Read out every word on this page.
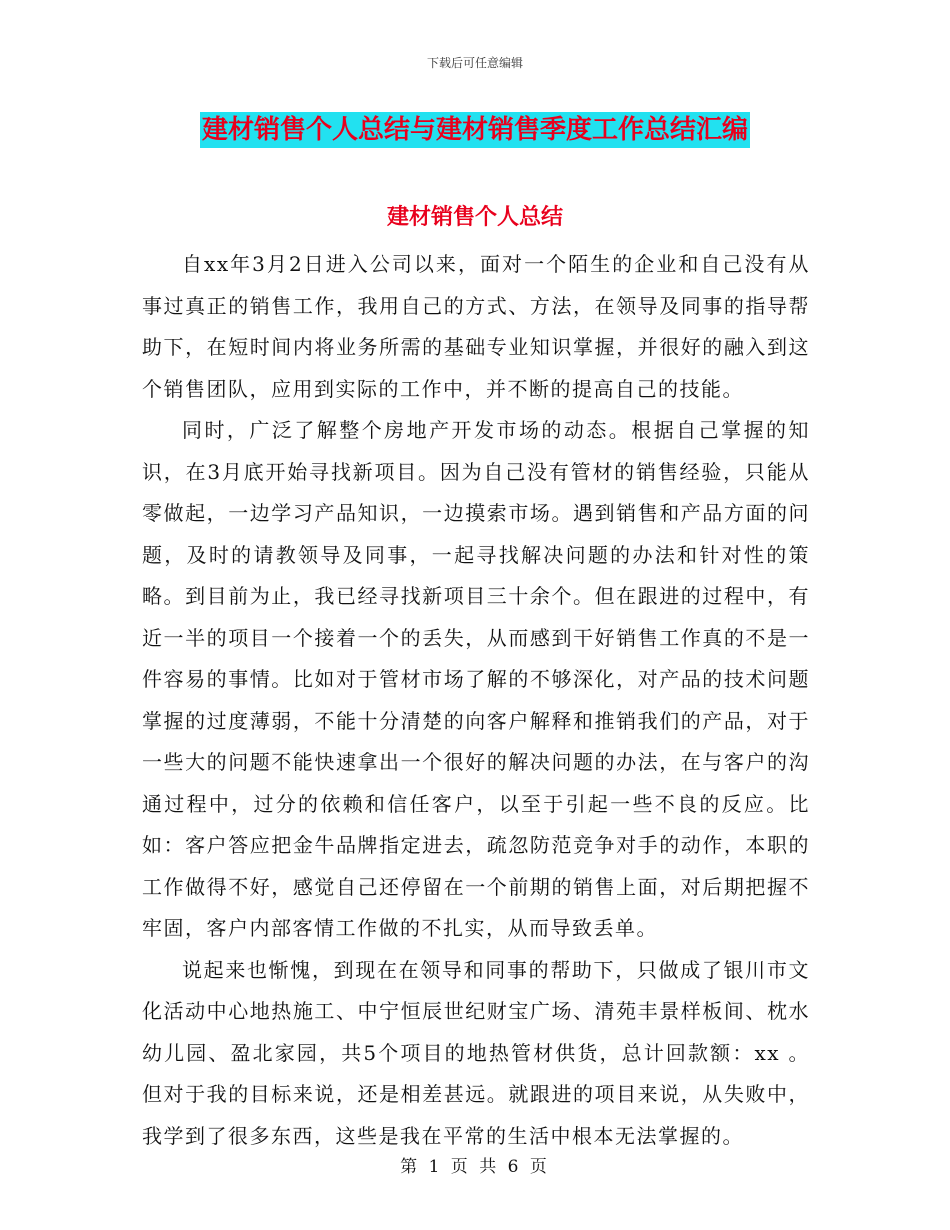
下载后可任意编辑
建材销售个人总结与建材销售季度工作总结汇编
建材销售个人总结

自xx年3月2日进入公司以来，面对一个陌生的企业和自己没有从事过真正的销售工作，我用自己的方式、方法，在领导及同事的指导帮助下，在短时间内将业务所需的基础专业知识掌握，并很好的融入到这个销售团队，应用到实际的工作中，并不断的提高自己的技能。

同时，广泛了解整个房地产开发市场的动态。根据自己掌握的知识，在3月底开始寻找新项目。因为自己没有管材的销售经验，只能从零做起，一边学习产品知识，一边摸索市场。遇到销售和产品方面的问题，及时的请教领导及同事，一起寻找解决问题的办法和针对性的策略。到目前为止，我已经寻找新项目三十余个。但在跟进的过程中，有近一半的项目一个接着一个的丢失，从而感到干好销售工作真的不是一件容易的事情。比如对于管材市场了解的不够深化，对产品的技术问题掌握的过度薄弱，不能十分清楚的向客户解释和推销我们的产品，对于一些大的问题不能快速拿出一个很好的解决问题的办法，在与客户的沟通过程中，过分的依赖和信任客户，以至于引起一些不良的反应。比如：客户答应把金牛品牌指定进去，疏忽防范竞争对手的动作，本职的工作做得不好，感觉自己还停留在一个前期的销售上面，对后期把握不牢固，客户内部客情工作做的不扎实，从而导致丢单。

说起来也惭愧，到现在在领导和同事的帮助下，只做成了银川市文化活动中心地热施工、中宁恒辰世纪财宝广场、清苑丰景样板间、枕水幼儿园、盈北家园，共5个项目的地热管材供货，总计回款额：xx 。但对于我的目标来说，还是相差甚远。就跟进的项目来说，从失败中，我学到了很多东西，这些是我在平常的生活中根本无法掌握的。

第 1 页 共 6 页
